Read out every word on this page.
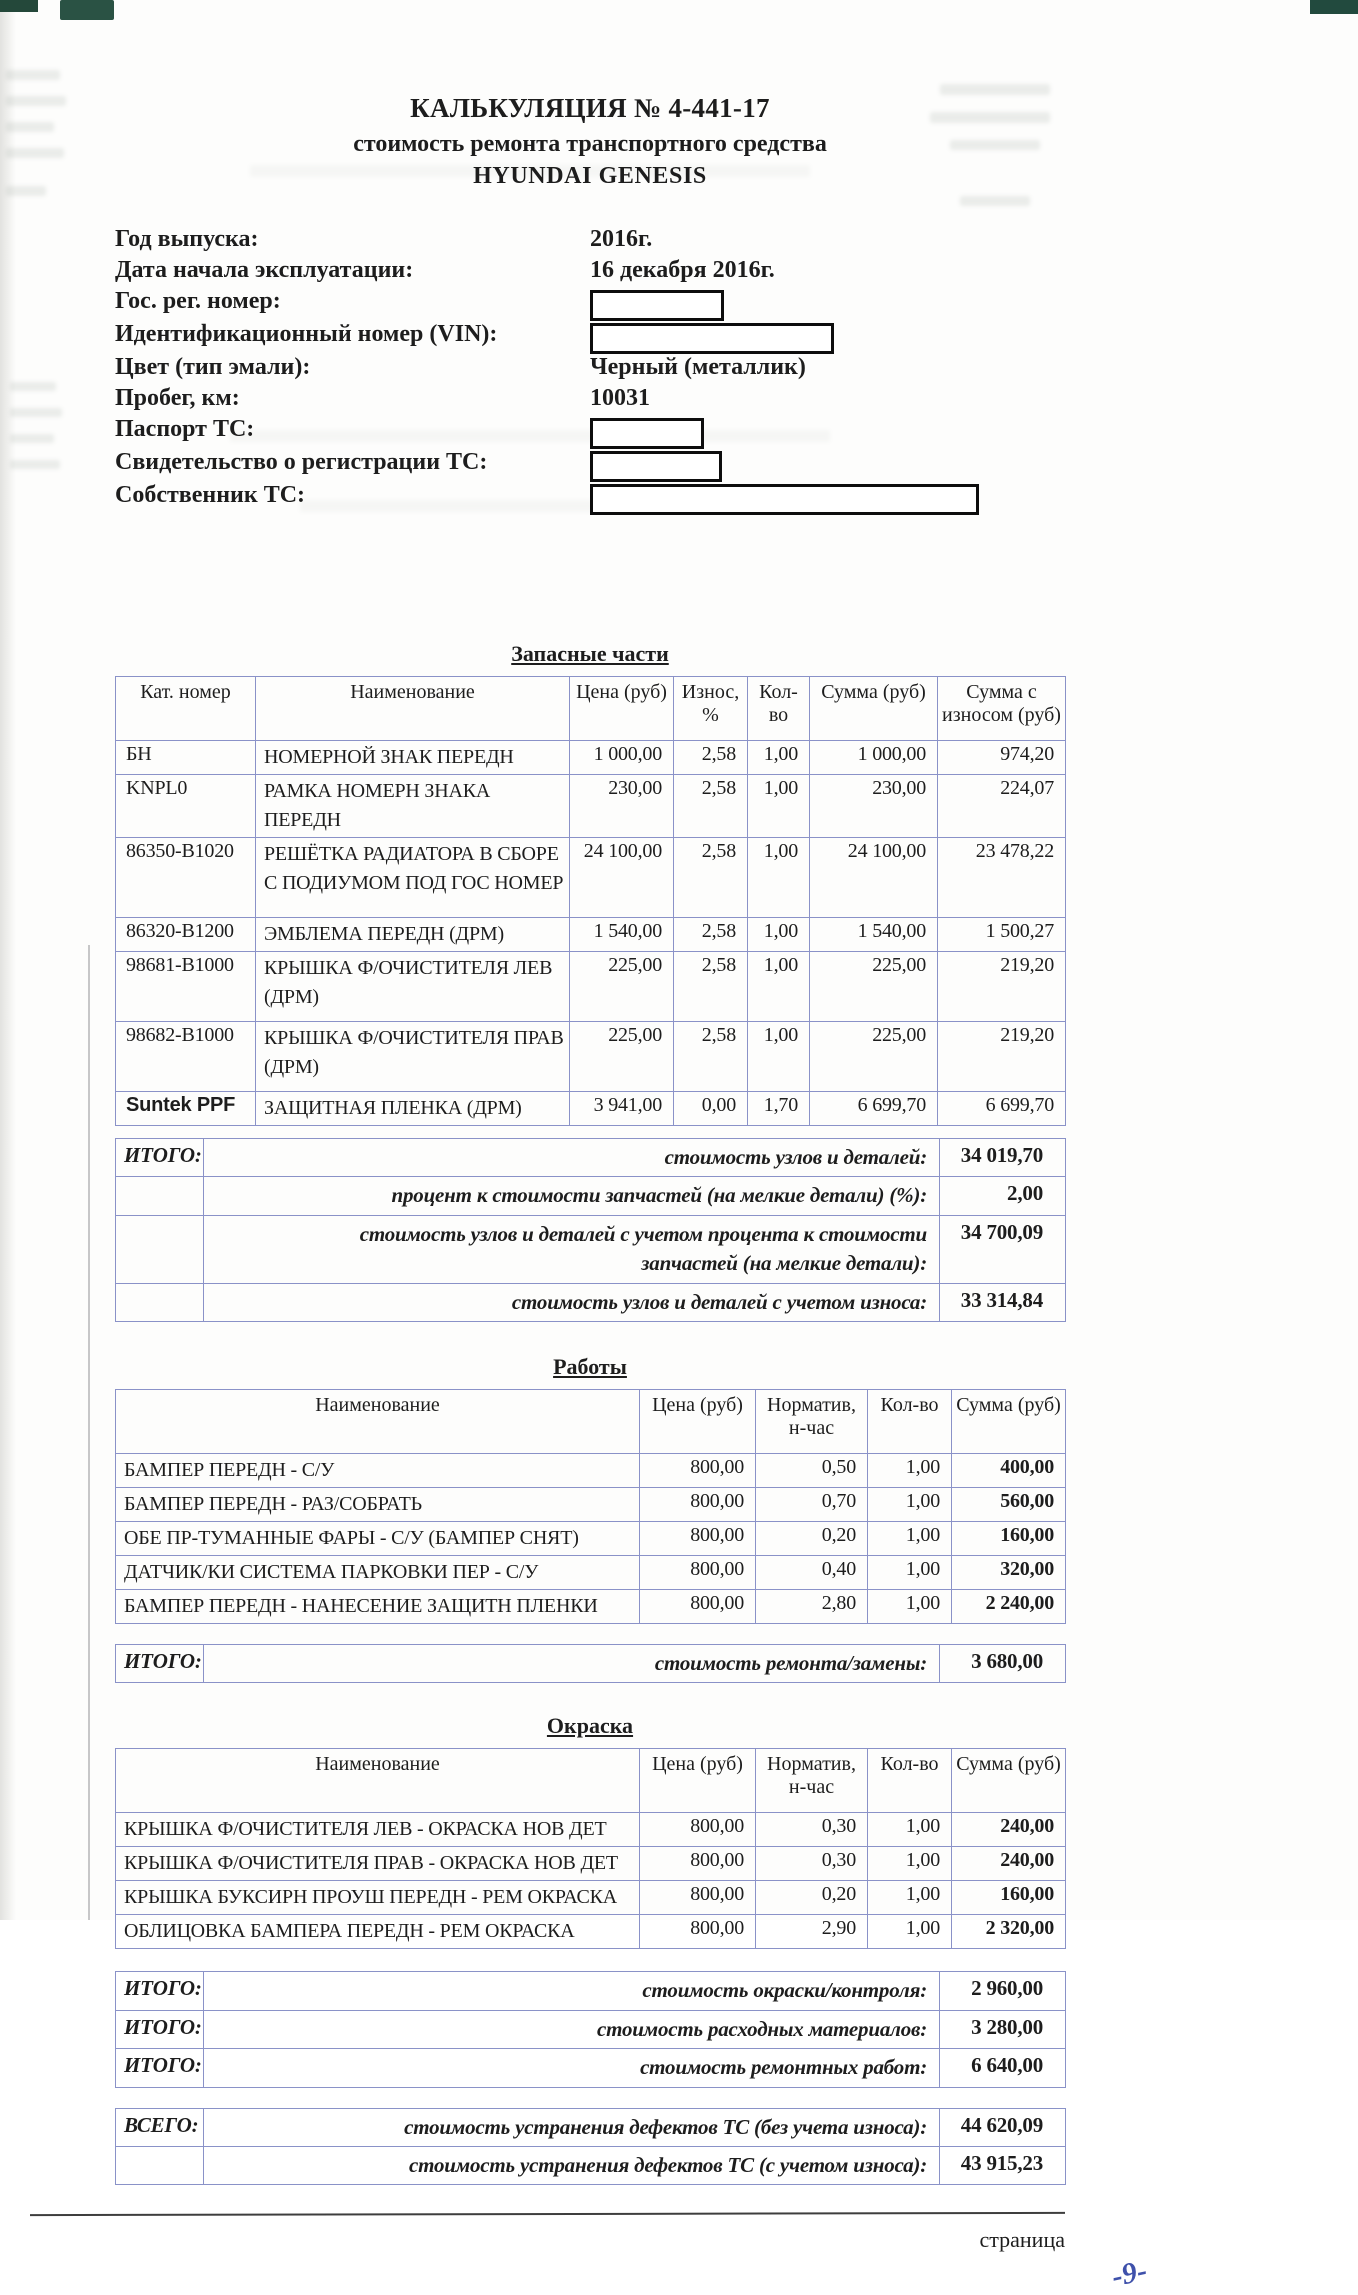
КАЛЬКУЛЯЦИЯ № 4-441-17
стоимость ремонта транспортного средства
HYUNDAI GENESIS
Год выпуска:	2016г.
Дата начала эксплуатации:	16 декабря 2016г.
Гос. рег. номер:
Идентификационный номер (VIN):
Цвет (тип эмали):	Черный (металлик)
Пробег, км:	10031
Паспорт ТС:
Свидетельство о регистрации ТС:
Собственник ТС:
Запасные части
Кат. номер	Наименование	Цена (руб)	Износ, %	Кол-во	Сумма (руб)	Сумма с износом (руб)
БН	НОМЕРНОЙ ЗНАК ПЕРЕДН	1 000,00	2,58	1,00	1 000,00	974,20
KNPL0	РАМКА НОМЕРН ЗНАКА ПЕРЕДН	230,00	2,58	1,00	230,00	224,07
86350-B1020	РЕШЁТКА РАДИАТОРА В СБОРЕ С ПОДИУМОМ ПОД ГОС НОМЕР	24 100,00	2,58	1,00	24 100,00	23 478,22
86320-B1200	ЭМБЛЕМА ПЕРЕДН (ДРМ)	1 540,00	2,58	1,00	1 540,00	1 500,27
98681-B1000	КРЫШКА Ф/ОЧИСТИТЕЛЯ ЛЕВ (ДРМ)	225,00	2,58	1,00	225,00	219,20
98682-B1000	КРЫШКА Ф/ОЧИСТИТЕЛЯ ПРАВ (ДРМ)	225,00	2,58	1,00	225,00	219,20
Suntek PPF	ЗАЩИТНАЯ ПЛЕНКА (ДРМ)	3 941,00	0,00	1,70	6 699,70	6 699,70
ИТОГО:	стоимость узлов и деталей:	34 019,70
	процент к стоимости запчастей (на мелкие детали) (%):	2,00
	стоимость узлов и деталей с учетом процента к стоимости запчастей (на мелкие детали):	34 700,09
	стоимость узлов и деталей с учетом износа:	33 314,84
Работы
Наименование	Цена (руб)	Норматив, н-час	Кол-во	Сумма (руб)
БАМПЕР ПЕРЕДН - С/У	800,00	0,50	1,00	400,00
БАМПЕР ПЕРЕДН - РАЗ/СОБРАТЬ	800,00	0,70	1,00	560,00
ОБЕ ПР-ТУМАННЫЕ ФАРЫ - С/У (БАМПЕР СНЯТ)	800,00	0,20	1,00	160,00
ДАТЧИК/КИ СИСТЕМА ПАРКОВКИ ПЕР - С/У	800,00	0,40	1,00	320,00
БАМПЕР ПЕРЕДН - НАНЕСЕНИЕ ЗАЩИТН ПЛЕНКИ	800,00	2,80	1,00	2 240,00
ИТОГО:	стоимость ремонта/замены:	3 680,00
Окраска
Наименование	Цена (руб)	Норматив, н-час	Кол-во	Сумма (руб)
КРЫШКА Ф/ОЧИСТИТЕЛЯ ЛЕВ - ОКРАСКА НОВ ДЕТ	800,00	0,30	1,00	240,00
КРЫШКА Ф/ОЧИСТИТЕЛЯ ПРАВ - ОКРАСКА НОВ ДЕТ	800,00	0,30	1,00	240,00
КРЫШКА БУКСИРН ПРОУШ ПЕРЕДН - РЕМ ОКРАСКА	800,00	0,20	1,00	160,00
ОБЛИЦОВКА БАМПЕРА ПЕРЕДН - РЕМ ОКРАСКА	800,00	2,90	1,00	2 320,00
ИТОГО:	стоимость окраски/контроля:	2 960,00
ИТОГО:	стоимость расходных материалов:	3 280,00
ИТОГО:	стоимость ремонтных работ:	6 640,00
ВСЕГО:	стоимость устранения дефектов ТС (без учета износа):	44 620,09
	стоимость устранения дефектов ТС (с учетом износа):	43 915,23
страница
-9-
